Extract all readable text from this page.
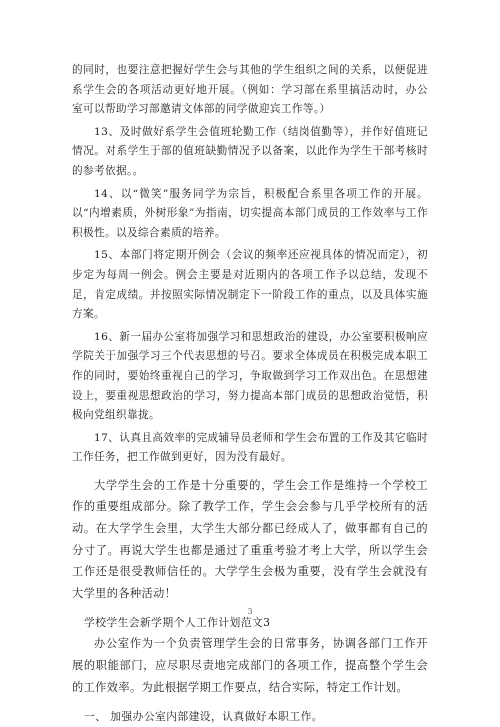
的同时，也要注意把握好学生会与其他的学生组织之间的关系，以便促进系学生会的各项活动更好地开展。（例如：学习部在系里搞活动时，办公室可以帮助学习部邀请文体部的同学做迎宾工作等。）

13、及时做好系学生会值班轮勤工作（结岗值勤等），并作好值班记情况。对系学生于部的值班缺勤情况予以备案，以此作为学生干部考核时的参考依据。。

14、以“微笑”服务同学为宗旨，积极配合系里各项工作的开展。以“内增素质，外树形象”为指南，切实提高本部门成员的工作效率与工作积极性。以及综合素质的培养。

15、本部门将定期开例会（会议的频率还应视具体的情况而定），初步定为每周一例会。例会主要是对近期内的各项工作予以总结，发现不足，肯定成绩。并按照实际情况制定下一阶段工作的重点，以及具体实施方案。

16、新一届办公室将加强学习和思想政治的建设，办公室要积极响应学院关于加强学习三个代表思想的号召。要求全体成员在积极完成本职工作的同时，要始终重视自己的学习，争取做到学习工作双出色。在思想建设上，要重视思想政治的学习，努力提高本部门成员的思想政治觉悟，积极向党组织靠拢。

17、认真且高效率的完成辅导员老师和学生会布置的工作及其它临时工作任务，把工作做到更好，因为没有最好。

大学学生会的工作是十分重要的，学生会工作是维持一个学校工作的重要组成部分。除了教学工作，学生会会参与几乎学校所有的活动。在大学学生会里，大学生大部分都已经成人了，做事都有自己的分寸了。再说大学生也都是通过了重重考验才考上大学，所以学生会工作还是很受教师信任的。大学学生会极为重要，没有学生会就没有大学里的各种活动！

学校学生会新学期个人工作计划范文3

办公室作为一个负责管理学生会的日常事务，协调各部门工作开展的职能部门，应尽职尽责地完成部门的各项工作，提高整个学生会的工作效率。为此根据学期工作要点，结合实际，特定工作计划。

一、 加强办公室内部建设，认真做好本职工作。

3
